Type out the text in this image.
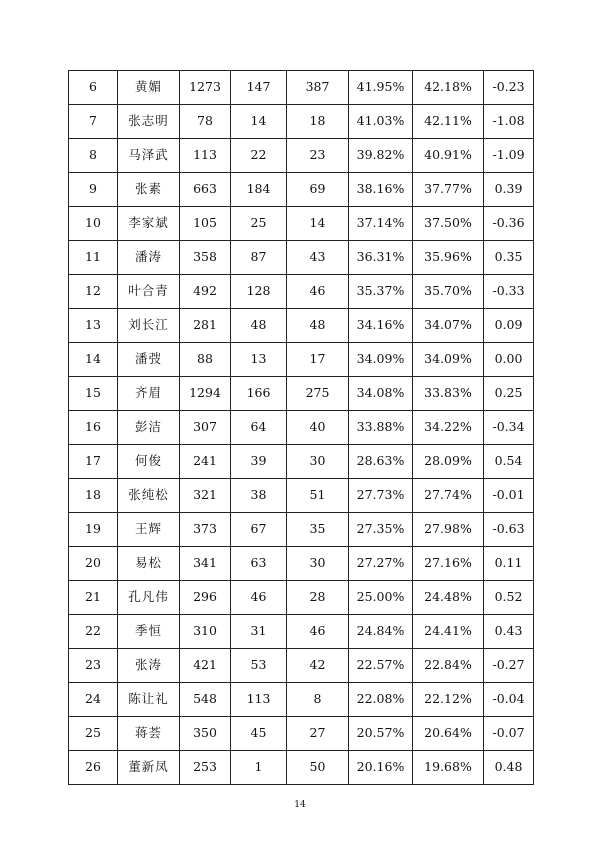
6	黄媚	1273	147	387	41.95%	42.18%	-0.23
7	张志明	78	14	18	41.03%	42.11%	-1.08
8	马泽武	113	22	23	39.82%	40.91%	-1.09
9	张素	663	184	69	38.16%	37.77%	0.39
10	李家斌	105	25	14	37.14%	37.50%	-0.36
11	潘涛	358	87	43	36.31%	35.96%	0.35
12	叶合青	492	128	46	35.37%	35.70%	-0.33
13	刘长江	281	48	48	34.16%	34.07%	0.09
14	潘弢	88	13	17	34.09%	34.09%	0.00
15	齐眉	1294	166	275	34.08%	33.83%	0.25
16	彭洁	307	64	40	33.88%	34.22%	-0.34
17	何俊	241	39	30	28.63%	28.09%	0.54
18	张纯松	321	38	51	27.73%	27.74%	-0.01
19	王辉	373	67	35	27.35%	27.98%	-0.63
20	易松	341	63	30	27.27%	27.16%	0.11
21	孔凡伟	296	46	28	25.00%	24.48%	0.52
22	季恒	310	31	46	24.84%	24.41%	0.43
23	张涛	421	53	42	22.57%	22.84%	-0.27
24	陈让礼	548	113	8	22.08%	22.12%	-0.04
25	蒋荟	350	45	27	20.57%	20.64%	-0.07
26	董新凤	253	1	50	20.16%	19.68%	0.48
14
